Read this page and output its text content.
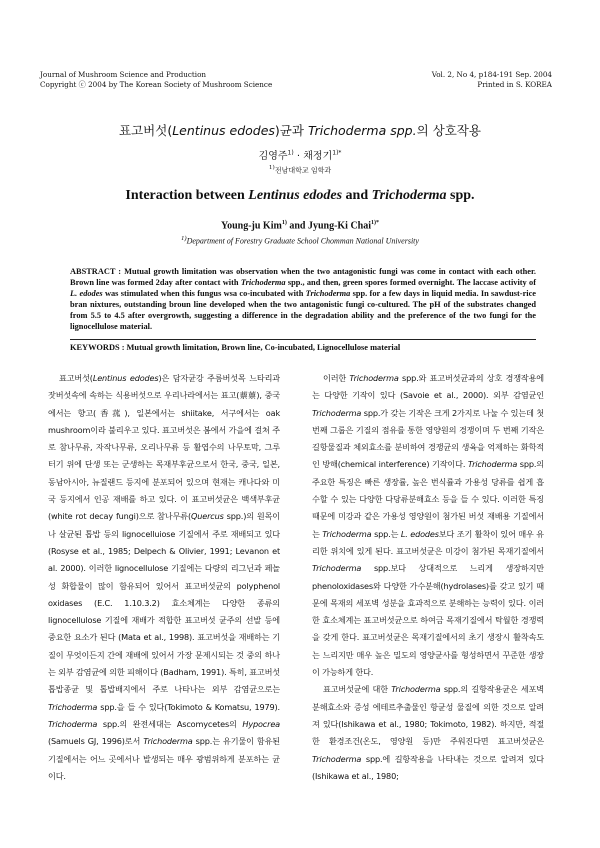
Journal of Mushroom Science and Production
Copyright ⓒ 2004 by The Korean Society of Mushroom Science
Vol. 2, No 4, p184-191 Sep. 2004
Printed in S. KOREA
표고버섯(Lentinus edodes)균과 Trichoderma spp.의 상호작용
김영주$^{1)}$ · 채정기$^{1)*}$
$^{1)}$전남대학교 임학과
Interaction between Lentinus edodes and Trichoderma spp.
Young-ju Kim$^{1)}$ and Jyung-Ki Chai$^{1)*}$
$^{1)}$Department of Forestry Graduate School Chomman National University
ABSTRACT : Mutual growth limitation was observation when the two antagonistic fungi was come in contact with each other. Brown line was formed 2day after contact with Trichoderma spp., and then, green spores formed overnight. The laccase activity of L. edodes was stimulated when this fungus wsa co-incubated with Trichoderma spp. for a few days in liquid media. In sawdust-rice bran nixtures, outstanding broun line developed when the two antagonistic fungi co-cultured. The pH of the substrates changed from 5.5 to 4.5 after overgrowth, suggesting a difference in the degradation ability and the preference of the two fungi for the lignocellulose material.
KEYWORDS : Mutual growth limitation, Brown line, Co-incubated, Lignocellulose material

표고버섯(Lentinus edodes)은 담자균강 주름버섯목 느타리과 잣버섯속에 속하는 식용버섯으로 우리나라에서는 표고(蔈蔈), 중국에서는 향고(香菰), 일본에서는 shiitake, 서구에서는 oak mushroom이라 불리우고 있다. 표고버섯은 봄에서 가을에 걸쳐 주로 참나무류, 자작나무류, 오리나무류 등 활엽수의 나무토막, 그루터기 위에 단생 또는 군생하는 목재부후균으로서 한국, 중국, 일본, 동남아시아, 뉴질랜드 등지에 분포되어 있으며 현재는 캐나다와 미국 등지에서 인공 재배를 하고 있다. 이 표고버섯균은 백색부후균(white rot decay fungi)으로 참나무류(Quercus spp.)의 원목이나 살균된 톱밥 등의 lignocelluiose 기질에서 주로 재배되고 있다 (Rosyse et al., 1985; Delpech & Olivier, 1991; Levanon et al. 2000). 이러한 lignocellulose 기질에는 다량의 리그닌과 페놀성 화합물이 많이 함유되어 있어서 표고버섯균의 polyphenol oxidases (E.C. 1.10.3.2) 효소체계는 다양한 종류의 lignocellulose 기질에 재배가 적합한 표고버섯 균주의 선발 등에 중요한 요소가 된다 (Mata et al., 1998). 표고버섯을 재배하는 기질이 무엇이든지 간에 재배에 있어서 가장 문제시되는 것 중의 하나는 외부 감염균에 의한 피해이다 (Badham, 1991). 특히, 표고버섯 톱밥종균 및 톱밥배지에서 주로 나타나는 외부 감염균으로는 Trichoderma spp.을 들 수 있다(Tokimoto & Komatsu, 1979). Trichoderma spp.의 완전세대는 Ascomycetes의 Hypocrea (Samuels GJ, 1996)로서 Trichoderma spp.는 유기물이 함유된 기질에서는 어느 곳에서나 발생되는 매우 광범위하게 분포하는 균이다.

이러한 Trichoderma spp.와 표고버섯균과의 상호 경쟁작용에는 다양한 기작이 있다 (Savoie et al., 2000). 외부 감염균인 Trichoderma spp.가 갖는 기작은 크게 2가지로 나눌 수 있는데 첫 번째 그룹은 기질의 점유를 통한 영양원의 경쟁이며 두 번째 기작은 길항물질과 체외효소를 분비하여 경쟁균의 생육을 억제하는 화학적인 방해(chemical interference) 기작이다. Trichoderma spp.의 주요한 특징은 빠른 생장률, 높은 번식률과 가용성 당류를 쉽게 흡수할 수 있는 다양한 다당류분해효소 등을 들 수 있다. 이러한 특징때문에 미강과 같은 가용성 영양원이 첨가된 버섯 재배용 기질에서는 Trichoderma spp.는 L. edodes보다 조기 활착이 있어 매우 유리한 위치에 있게 된다. 표고버섯균은 미강이 첨가된 목재기질에서 Trichoderma spp.보다 상대적으로 느리게 생장하지만 phenoloxidases와 다양한 가수분해(hydrolases)를 갖고 있기 때문에 목재의 세포벽 성분을 효과적으로 분해하는 능력이 있다. 이러한 효소체계는 표고버섯균으로 하여금 목재기질에서 탁월한 경쟁력을 갖게 한다. 표고버섯균은 목재기질에서의 초기 생장시 활착속도는 느리지만 매우 높은 밀도의 영양균사를 형성하면서 꾸준한 생장이 가능하게 한다.

표고버섯균에 대한 Trichoderma spp.의 길항작용균은 세포벽분해효소와 증성 에테르추출물인 항균성 물질에 의한 것으로 알려져 있다(Ishikawa et al., 1980; Tokimoto, 1982). 하지만, 적절한 환경조건(온도, 영양원 등)만 주워진다면 표고버섯균은 Trichoderma spp.에 길항작용을 나타내는 것으로 알려져 있다(Ishikawa et al., 1980;
